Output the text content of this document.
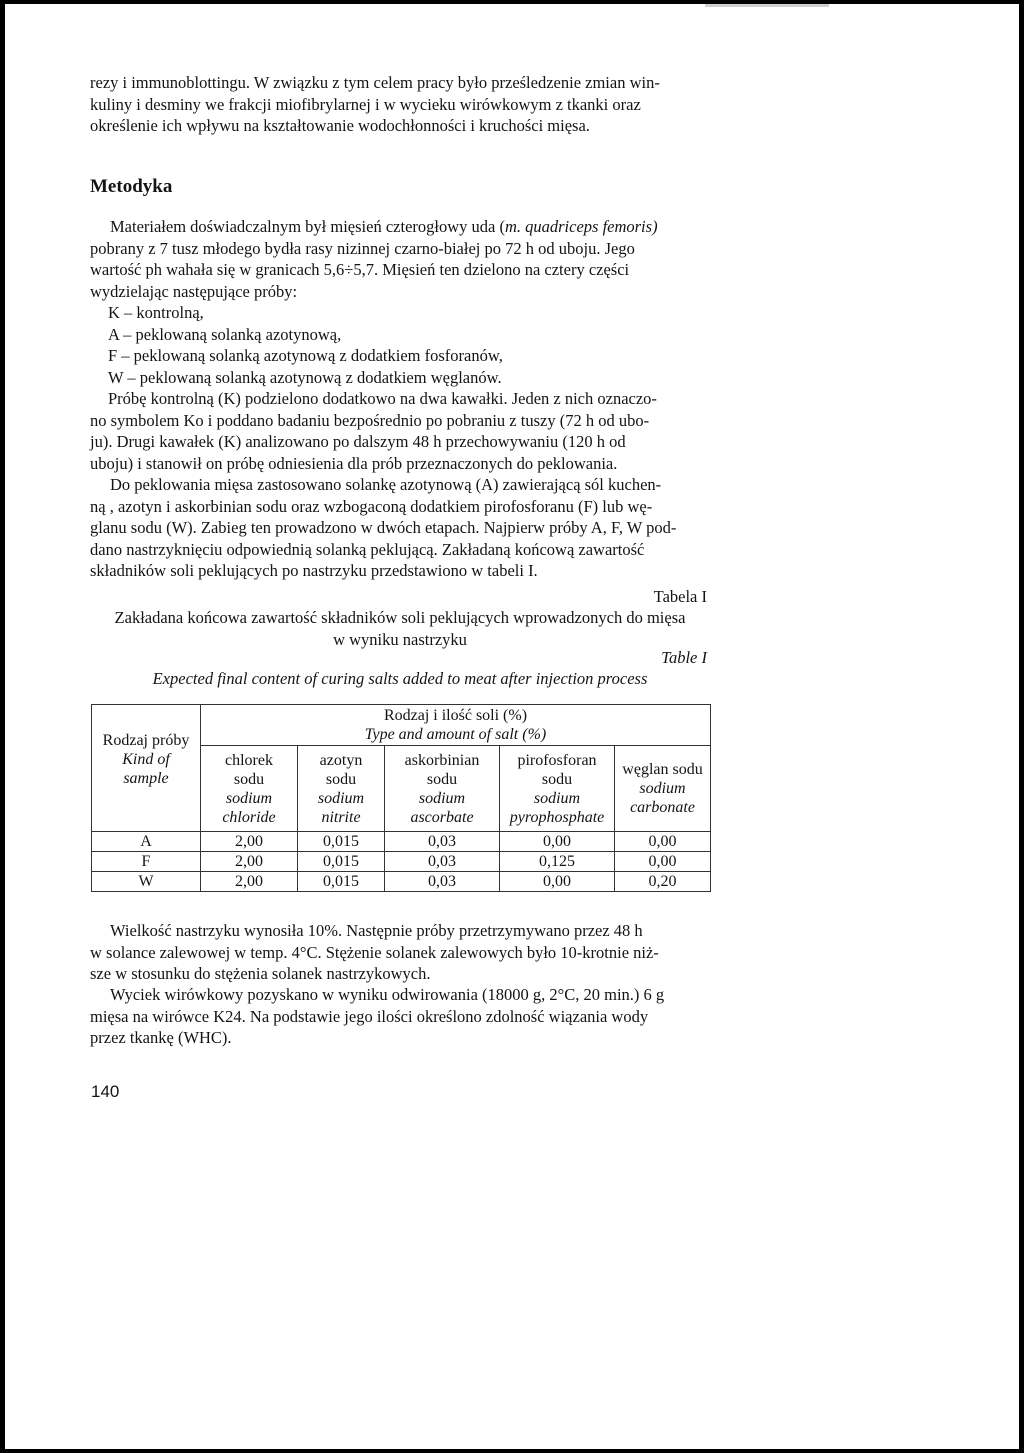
rezy i immunoblottingu. W związku z tym celem pracy było prześledzenie zmian win-
kuliny i desminy we frakcji miofibrylarnej i w wycieku wirówkowym z tkanki oraz
określenie ich wpływu na kształtowanie wodochłonności i kruchości mięsa.

Metodyka

Materiałem doświadczalnym był mięsień czterogłowy uda (m. quadriceps femoris)
pobrany z 7 tusz młodego bydła rasy nizinnej czarno-białej po 72 h od uboju. Jego
wartość ph wahała się w granicach 5,6÷5,7. Mięsień ten dzielono na cztery części
wydzielając następujące próby:

K – kontrolną,
A – peklowaną solanką azotynową,
F – peklowaną solanką azotynową z dodatkiem fosforanów,
W – peklowaną solanką azotynową z dodatkiem węglanów.

Próbę kontrolną (K) podzielono dodatkowo na dwa kawałki. Jeden z nich oznaczo-
no symbolem Ko i poddano badaniu bezpośrednio po pobraniu z tuszy (72 h od ubo-
ju). Drugi kawałek (K) analizowano po dalszym 48 h przechowywaniu (120 h od
uboju) i stanowił on próbę odniesienia dla prób przeznaczonych do peklowania.

Do peklowania mięsa zastosowano solankę azotynową (A) zawierającą sól kuchen-
ną , azotyn i askorbinian sodu oraz wzbogaconą dodatkiem pirofosforanu (F) lub wę-
glanu sodu (W). Zabieg ten prowadzono w dwóch etapach. Najpierw próby A, F, W pod-
dano nastrzyknięciu odpowiednią solanką peklującą. Zakładaną końcową zawartość
składników soli peklujących po nastrzyku przedstawiono w tabeli I.

Tabela I
Zakładana końcowa zawartość składników soli peklujących wprowadzonych do mięsa
w wyniku nastrzyku
Table I
Expected final content of curing salts added to meat after injection process
Rodzaj próby
Kind of
sample	Rodzaj i ilość soli (%)
Type and amount of salt (%)				

	chlorek
sodu
sodium
chloride	azotyn
sodu
sodium
nitrite	askorbinian
sodu
sodium
ascorbate	pirofosforan
sodu
sodium
pyrophosphate	węglan sodu
sodium
carbonate

A	2,00	0,015	0,03	0,00	0,00
F	2,00	0,015	0,03	0,125	0,00
W	2,00	0,015	0,03	0,00	0,20

Wielkość nastrzyku wynosiła 10%. Następnie próby przetrzymywano przez 48 h
w solance zalewowej w temp. 4°C. Stężenie solanek zalewowych było 10-krotnie niż-
sze w stosunku do stężenia solanek nastrzykowych.

Wyciek wirówkowy pozyskano w wyniku odwirowania (18000 g, 2°C, 20 min.) 6 g
mięsa na wirówce K24. Na podstawie jego ilości określono zdolność wiązania wody
przez tkankę (WHC).

140
